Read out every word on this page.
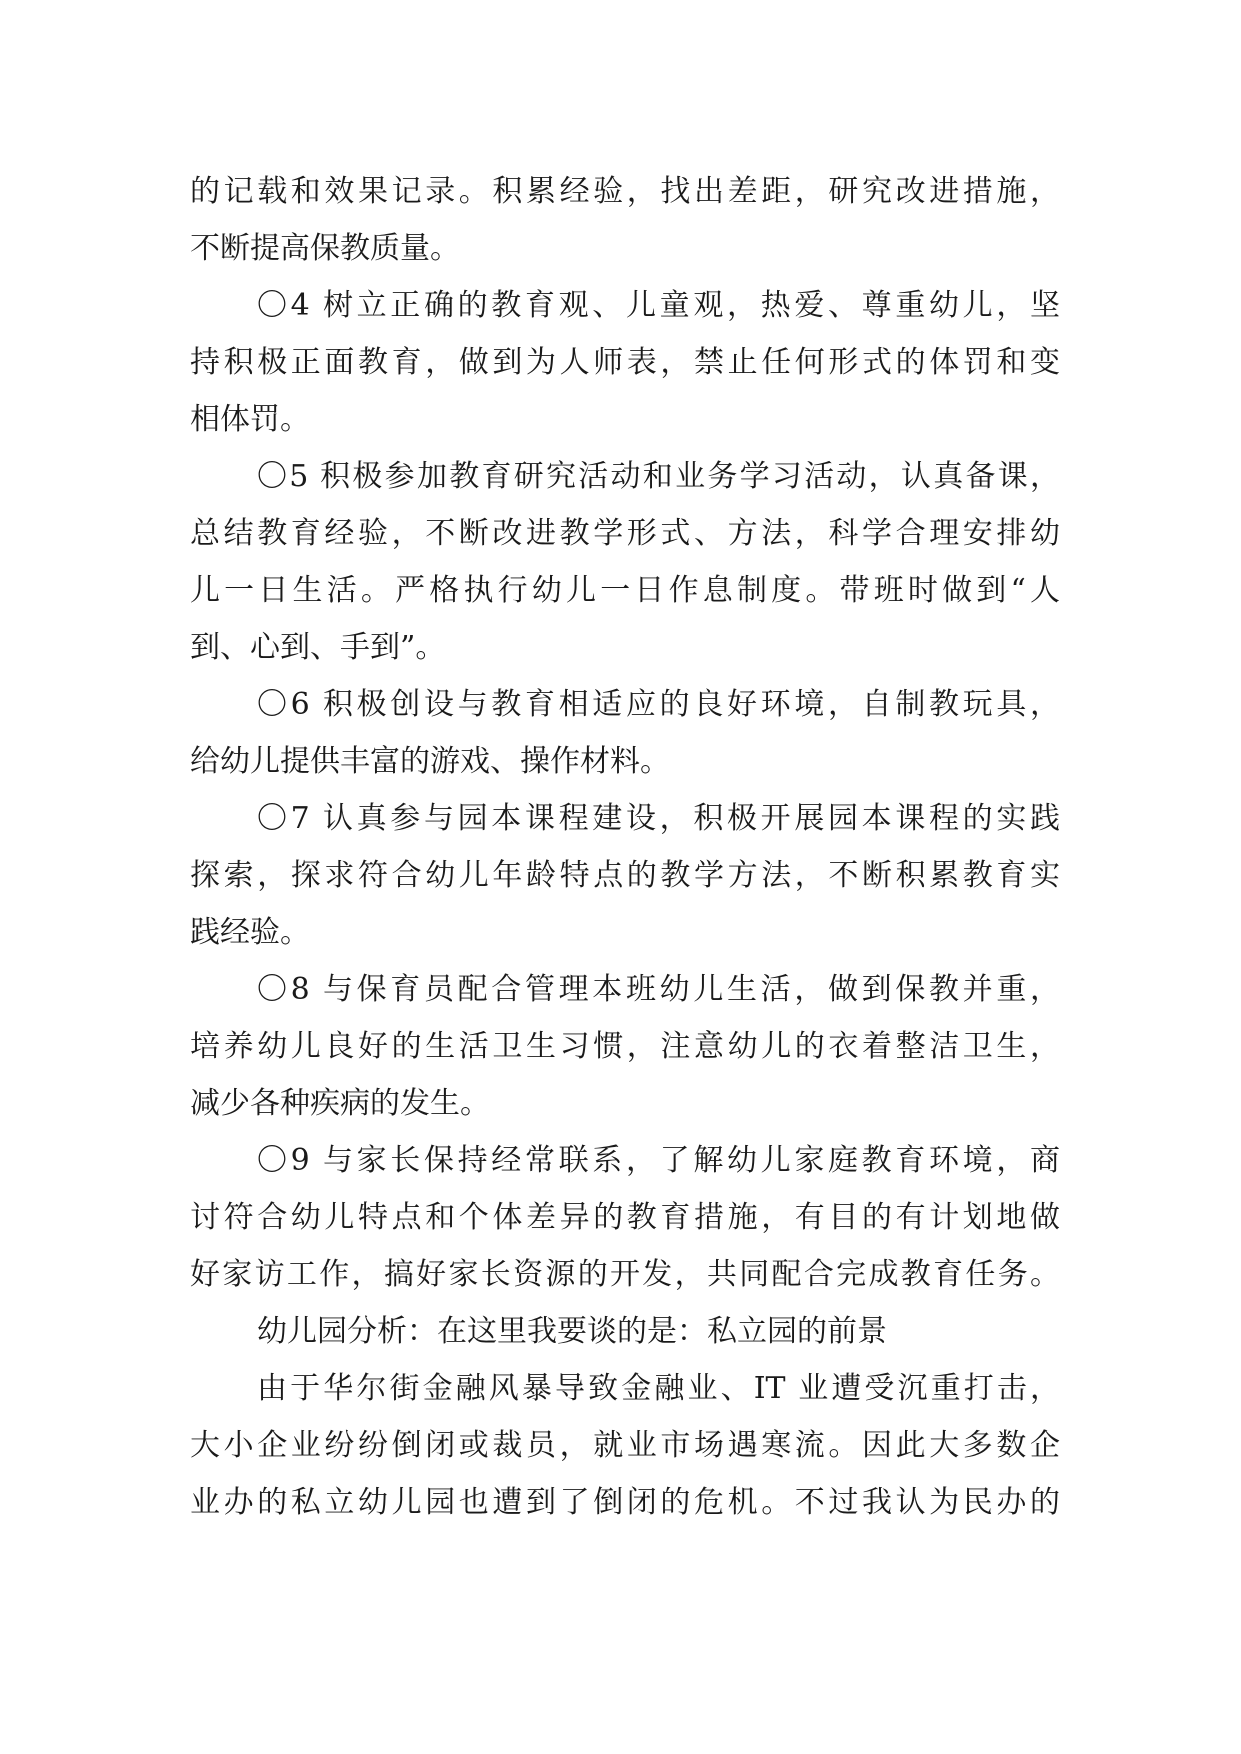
的记载和效果记录。积累经验，找出差距，研究改进措施，
不断提高保教质量。
〇4 树立正确的教育观、儿童观，热爱、尊重幼儿，坚
持积极正面教育，做到为人师表，禁止任何形式的体罚和变
相体罚。
〇5 积极参加教育研究活动和业务学习活动，认真备课，
总结教育经验，不断改进教学形式、方法，科学合理安排幼
儿一日生活。严格执行幼儿一日作息制度。带班时做到“人
到、心到、手到”。
〇6 积极创设与教育相适应的良好环境，自制教玩具，
给幼儿提供丰富的游戏、操作材料。
〇7 认真参与园本课程建设，积极开展园本课程的实践
探索，探求符合幼儿年龄特点的教学方法，不断积累教育实
践经验。
〇8 与保育员配合管理本班幼儿生活，做到保教并重，
培养幼儿良好的生活卫生习惯，注意幼儿的衣着整洁卫生，
减少各种疾病的发生。
〇9 与家长保持经常联系，了解幼儿家庭教育环境，商
讨符合幼儿特点和个体差异的教育措施，有目的有计划地做
好家访工作，搞好家长资源的开发，共同配合完成教育任务。
幼儿园分析：在这里我要谈的是：私立园的前景
由于华尔街金融风暴导致金融业、IT 业遭受沉重打击，
大小企业纷纷倒闭或裁员，就业市场遇寒流。因此大多数企
业办的私立幼儿园也遭到了倒闭的危机。不过我认为民办的
